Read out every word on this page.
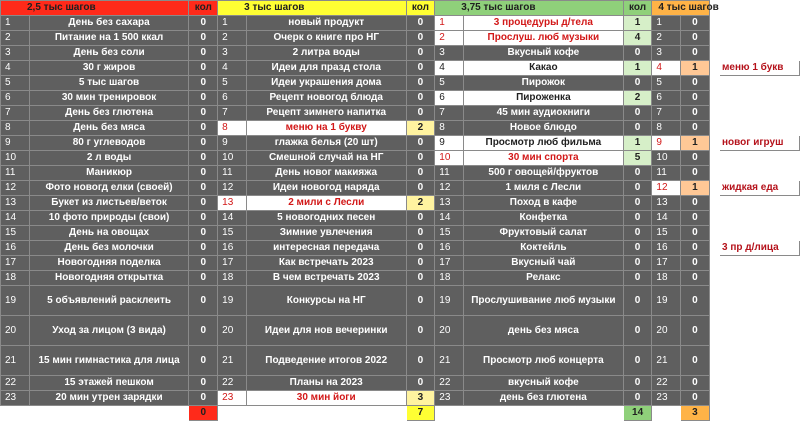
2,5 тыс шагов		кол	3 тыс шагов		кол	3,75 тыс шагов		кол	4 тыс шагов			
1	День без сахара	0	1	новый продукт	0	1	3 процедуры д/тела	1	1	0		
2	Питание на 1 500 ккал	0	2	Очерк о книге про НГ	0	2	Прослуш. люб музыки	4	2	0		
3	День без соли	0	3	2 литра воды	0	3	Вкусный кофе	0	3	0		
4	30 г жиров	0	4	Идеи для празд стола	0	4	Какао	1	4	1		меню 1 букв
5	5 тыс шагов	0	5	Идеи украшения дома	0	5	Пирожок	0	5	0		
6	30 мин тренировок	0	6	Рецепт новогод блюда	0	6	Пироженка	2	6	0		
7	День без глютена	0	7	Рецепт зимнего напитка	0	7	45 мин аудиокниги	0	7	0		
8	День без мяса	0	8	меню на 1 букву	2	8	Новое блюдо	0	8	0		
9	80 г углеводов	0	9	глажка белья (20 шт)	0	9	Просмотр люб фильма	1	9	1		новог игруш
10	2 л воды	0	10	Смешной случай на НГ	0	10	30 мин спорта	5	10	0		
11	Маникюр	0	11	День новог макияжа	0	11	500 г овощей/фруктов	0	11	0		
12	Фото новогд елки (своей)	0	12	Идеи новогод наряда	0	12	1 миля с Лесли	0	12	1		жидкая еда
13	Букет из листьев/веток	0	13	2 мили с Лесли	2	13	Поход в кафе	0	13	0		
14	10 фото природы (свои)	0	14	5 новогодних песен	0	14	Конфетка	0	14	0		
15	День на овощах	0	15	Зимние увлечения	0	15	Фруктовый салат	0	15	0		
16	День без молочки	0	16	интересная передача	0	16	Коктейль	0	16	0		3 пр д/лица
17	Новогодняя поделка	0	17	Как встречать 2023	0	17	Вкусный чай	0	17	0		
18	Новогодняя открытка	0	18	В чем встречать 2023	0	18	Релакс	0	18	0		
19	5 объявлений расклеить	0	19	Конкурсы на НГ	0	19	Прослушивание люб музыки	0	19	0		
20	Уход за лицом (3 вида)	0	20	Идеи для нов вечеринки	0	20	день без мяса	0	20	0		
21	15 мин гимнастика для лица	0	21	Подведение итогов 2022	0	21	Просмотр люб концерта	0	21	0		
22	15 этажей пешком	0	22	Планы на 2023	0	22	вкусный кофе	0	22	0		
23	20 мин утрен зарядки	0	23	30 мин йоги	3	23	день без глютена	0	23	0		
		0			7			14		3		
